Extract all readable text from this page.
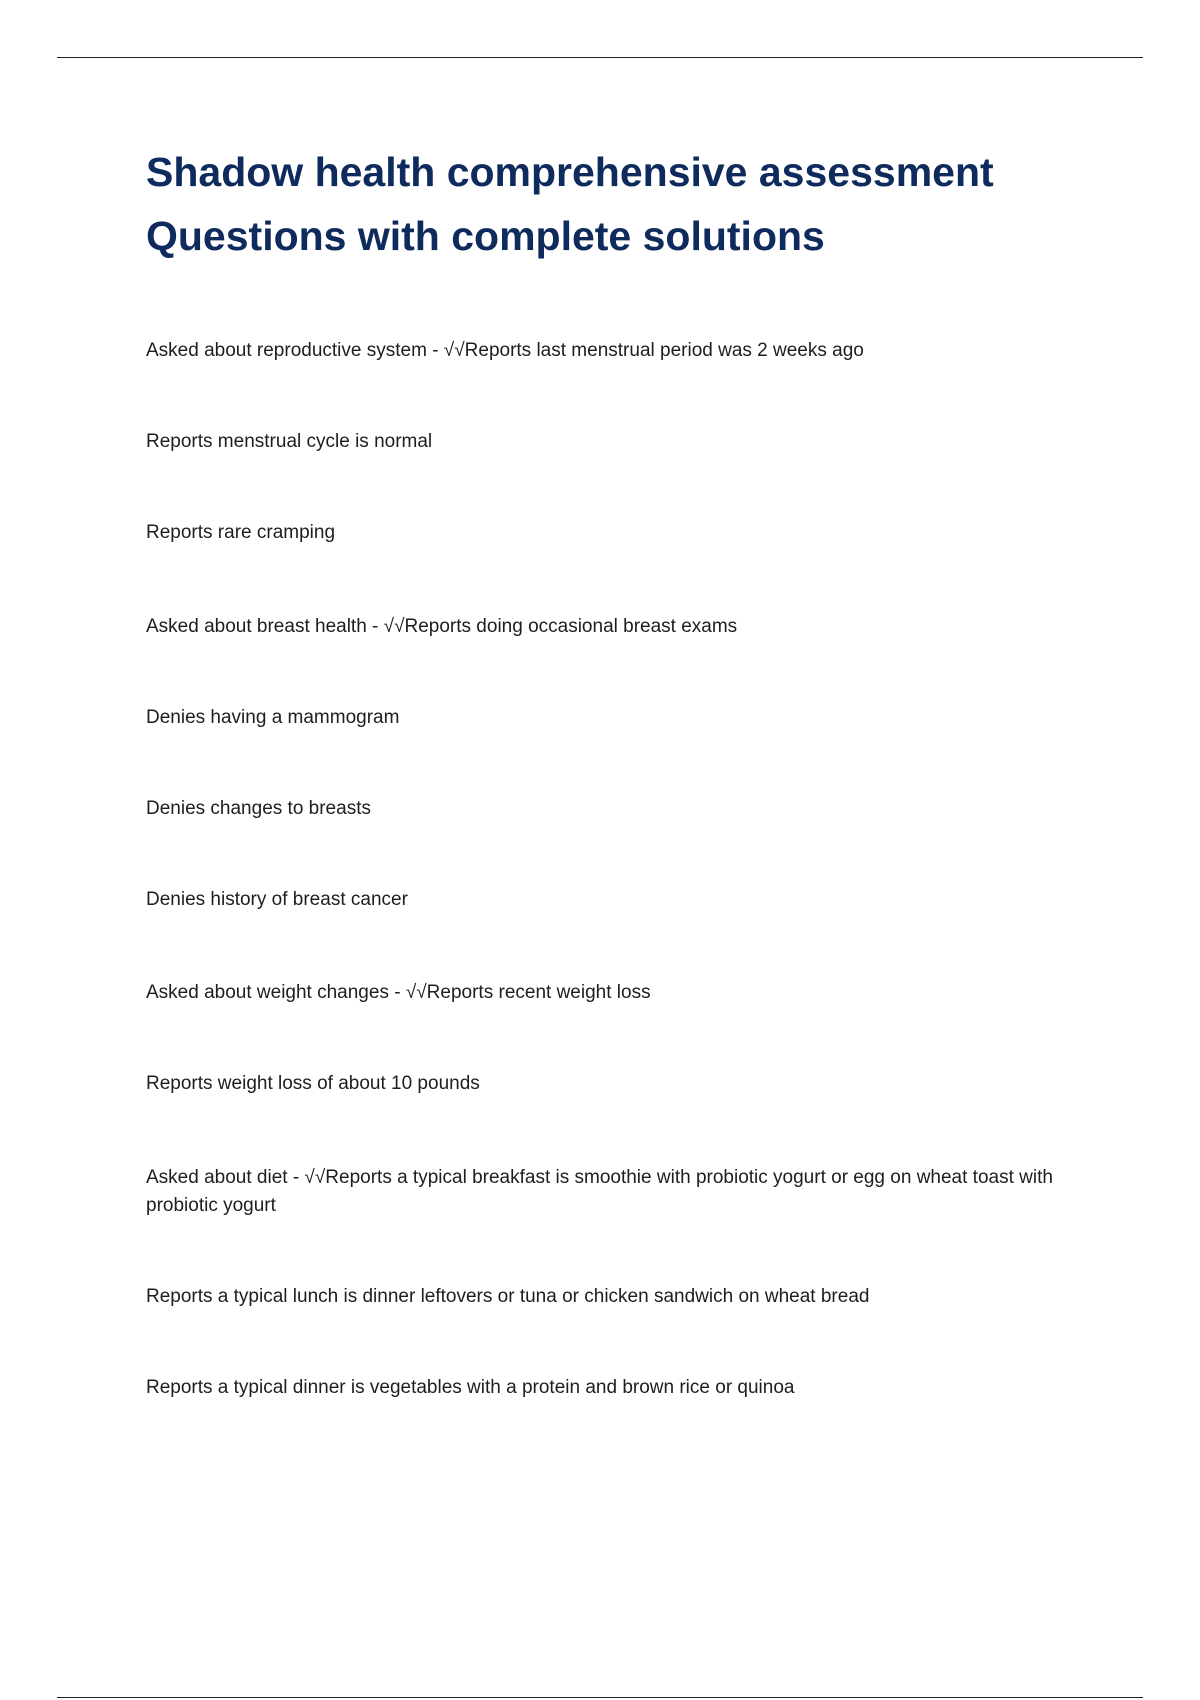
Shadow health comprehensive assessment
Questions with complete solutions
Asked about reproductive system - √√Reports last menstrual period was 2 weeks ago
Reports menstrual cycle is normal
Reports rare cramping
Asked about breast health - √√Reports doing occasional breast exams
Denies having a mammogram
Denies changes to breasts
Denies history of breast cancer
Asked about weight changes - √√Reports recent weight loss
Reports weight loss of about 10 pounds
Asked about diet - √√Reports a typical breakfast is smoothie with probiotic yogurt or egg on wheat toast with probiotic yogurt
Reports a typical lunch is dinner leftovers or tuna or chicken sandwich on wheat bread
Reports a typical dinner is vegetables with a protein and brown rice or quinoa
